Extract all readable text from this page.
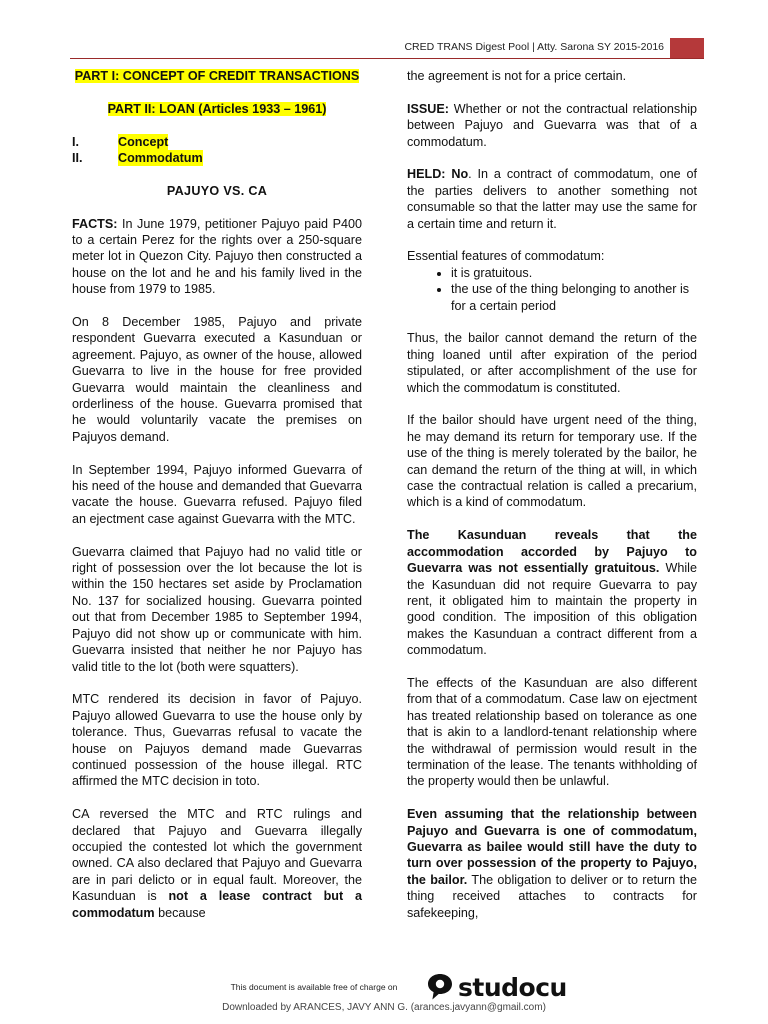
CRED TRANS Digest Pool | Atty. Sarona SY 2015-2016
PART I: CONCEPT OF CREDIT TRANSACTIONS
PART II: LOAN (Articles 1933 – 1961)
I.	Concept
II.	Commodatum
PAJUYO VS. CA

FACTS: In June 1979, petitioner Pajuyo paid P400 to a certain Perez for the rights over a 250-square meter lot in Quezon City. Pajuyo then constructed a house on the lot and he and his family lived in the house from 1979 to 1985.

On 8 December 1985, Pajuyo and private respondent Guevarra executed a Kasunduan or agreement. Pajuyo, as owner of the house, allowed Guevarra to live in the house for free provided Guevarra would maintain the cleanliness and orderliness of the house. Guevarra promised that he would voluntarily vacate the premises on Pajuyos demand.

In September 1994, Pajuyo informed Guevarra of his need of the house and demanded that Guevarra vacate the house. Guevarra refused. Pajuyo filed an ejectment case against Guevarra with the MTC.

Guevarra claimed that Pajuyo had no valid title or right of possession over the lot because the lot is within the 150 hectares set aside by Proclamation No. 137 for socialized housing. Guevarra pointed out that from December 1985 to September 1994, Pajuyo did not show up or communicate with him. Guevarra insisted that neither he nor Pajuyo has valid title to the lot (both were squatters).

MTC rendered its decision in favor of Pajuyo. Pajuyo allowed Guevarra to use the house only by tolerance. Thus, Guevarras refusal to vacate the house on Pajuyos demand made Guevarras continued possession of the house illegal. RTC affirmed the MTC decision in toto.

CA reversed the MTC and RTC rulings and declared that Pajuyo and Guevarra illegally occupied the contested lot which the government owned. CA also declared that Pajuyo and Guevarra are in pari delicto or in equal fault. Moreover, the Kasunduan is not a lease contract but a commodatum because

the agreement is not for a price certain.

ISSUE: Whether or not the contractual relationship between Pajuyo and Guevarra was that of a commodatum.

HELD: No. In a contract of commodatum, one of the parties delivers to another something not consumable so that the latter may use the same for a certain time and return it.

Essential features of commodatum:
• it is gratuitous.
• the use of the thing belonging to another is for a certain period

Thus, the bailor cannot demand the return of the thing loaned until after expiration of the period stipulated, or after accomplishment of the use for which the commodatum is constituted.

If the bailor should have urgent need of the thing, he may demand its return for temporary use. If the use of the thing is merely tolerated by the bailor, he can demand the return of the thing at will, in which case the contractual relation is called a precarium, which is a kind of commodatum.

The Kasunduan reveals that the accommodation accorded by Pajuyo to Guevarra was not essentially gratuitous. While the Kasunduan did not require Guevarra to pay rent, it obligated him to maintain the property in good condition. The imposition of this obligation makes the Kasunduan a contract different from a commodatum.

The effects of the Kasunduan are also different from that of a commodatum. Case law on ejectment has treated relationship based on tolerance as one that is akin to a landlord-tenant relationship where the withdrawal of permission would result in the termination of the lease. The tenants withholding of the property would then be unlawful.

Even assuming that the relationship between Pajuyo and Guevarra is one of commodatum, Guevarra as bailee would still have the duty to turn over possession of the property to Pajuyo, the bailor. The obligation to deliver or to return the thing received attaches to contracts for safekeeping,

This document is available free of charge on	studocu
Downloaded by ARANCES, JAVY ANN G. (arances.javyann@gmail.com)
